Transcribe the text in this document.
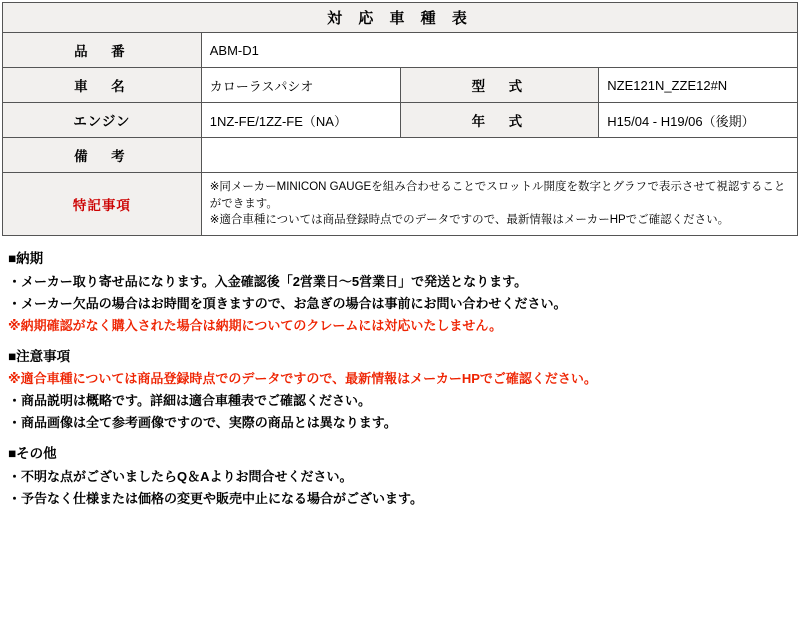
対 応 車 種 表			
品　番	ABM-D1		
車　名	カローラスパシオ	型　式	NZE121N_ZZE12#N
エンジン	1NZ-FE/1ZZ-FE（NA）	年　式	H15/04 - H19/06（後期）
備　考			
特記事項	※同メーカーMINICON GAUGEを組み合わせることでスロットル開度を数字とグラフで表示させて視認することができます。

※適合車種については商品登録時点でのデータですので、最新情報はメーカーHPでご確認ください。		

■納期
・メーカー取り寄せ品になります。入金確認後「2営業日〜5営業日」で発送となります。
・メーカー欠品の場合はお時間を頂きますので、お急ぎの場合は事前にお問い合わせください。
※納期確認がなく購入された場合は納期についてのクレームには対応いたしません。
■注意事項
※適合車種については商品登録時点でのデータですので、最新情報はメーカーHPでご確認ください。
・商品説明は概略です。詳細は適合車種表でご確認ください。
・商品画像は全て参考画像ですので、実際の商品とは異なります。
■その他
・不明な点がございましたらQ＆Aよりお問合せください。
・予告なく仕様または価格の変更や販売中止になる場合がございます。
